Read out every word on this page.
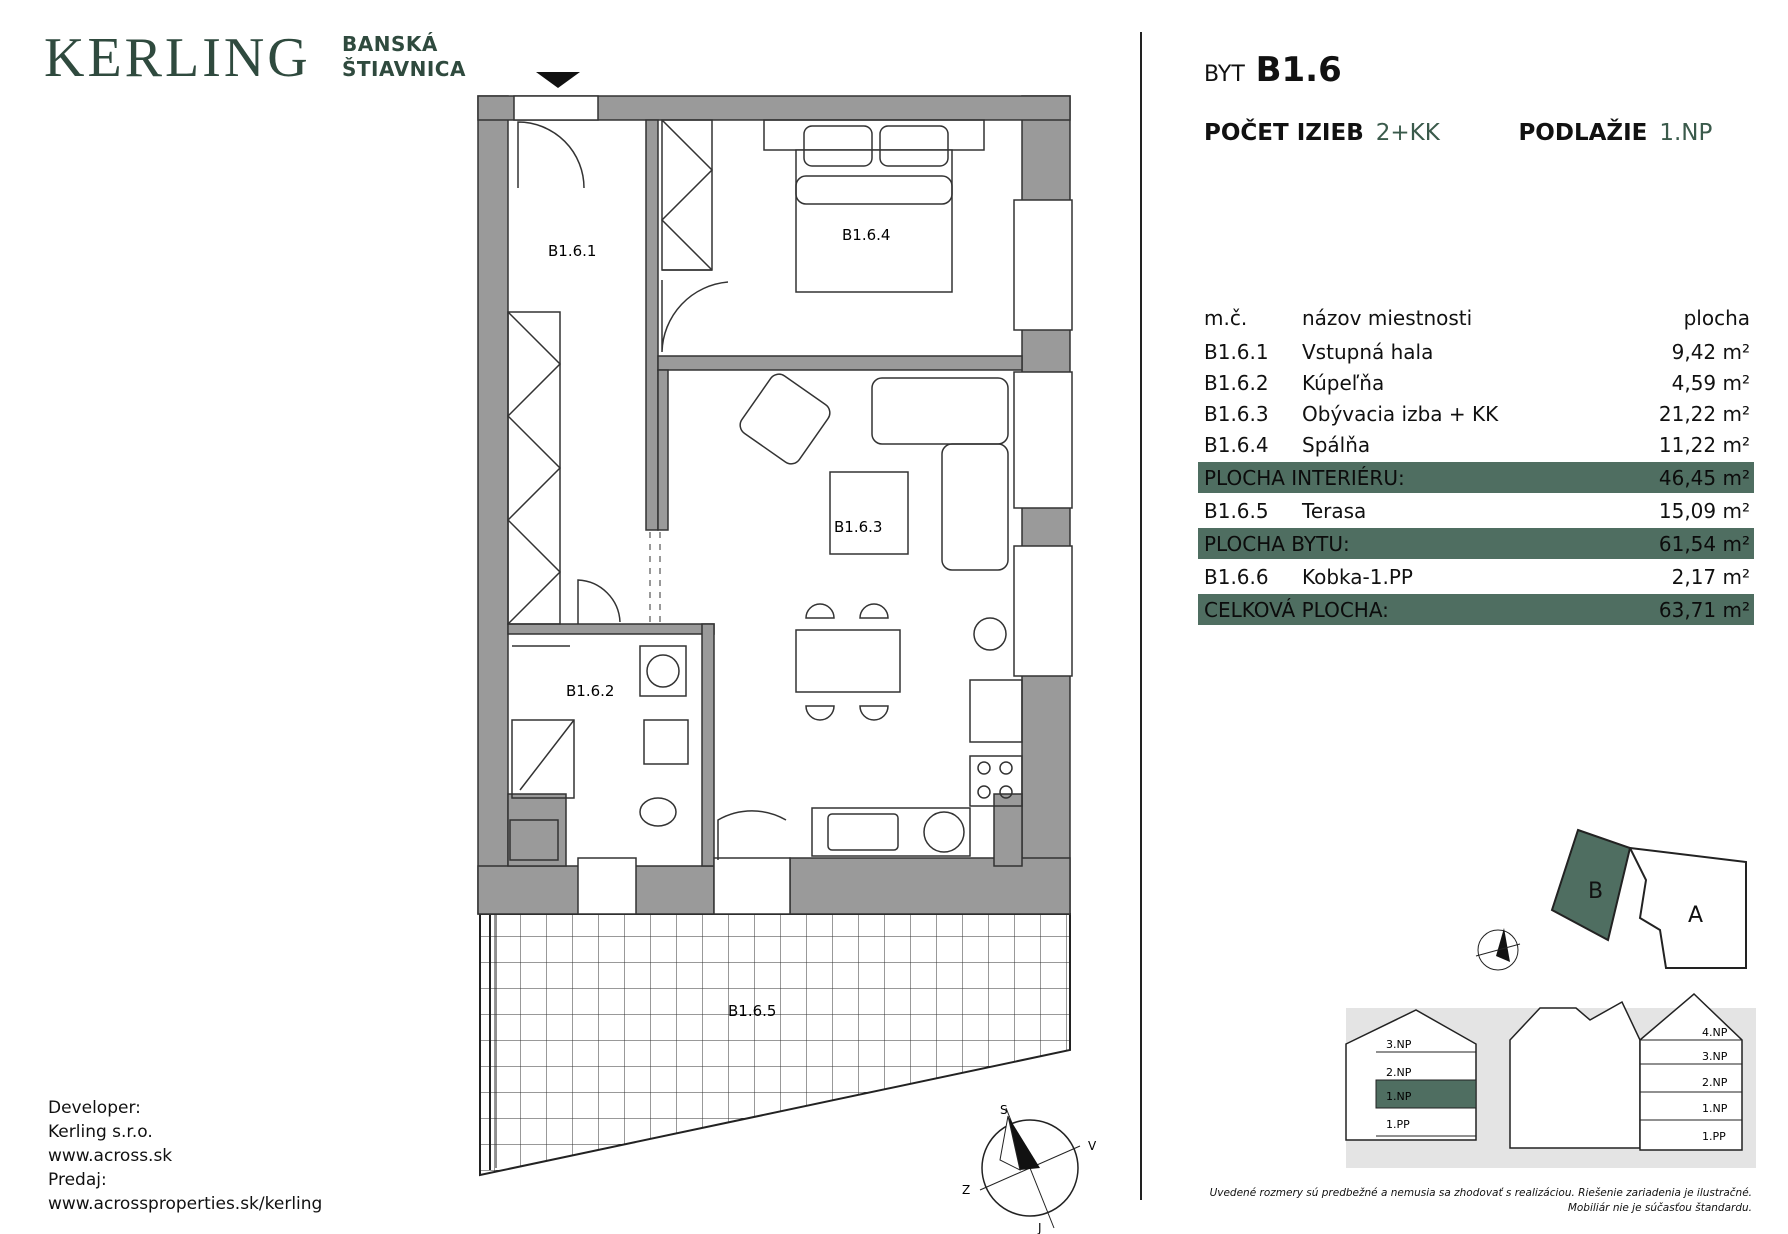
KERLING BANSKÁ
ŠTIAVNICA	BYT B1.6
POČET IZIEB 2+KK	PODLAŽIE 1.NP
m.č.	názov miestnosti	plocha
B1.6.1 Vstupná hala	9,42 m²
B1.6.2 Kúpeľňa	4,59 m²
B1.6.3 Obývacia izba + KK	21,22 m²
B1.6.4 Spálňa	11,22 m²
PLOCHA INTERIÉRU:	46,45 m²
B1.6.5 Terasa	15,09 m²
PLOCHA BYTU:	61,54 m²
B1.6.6 Kobka-1.PP	2,17 m²
CELKOVÁ PLOCHA:	63,71 m²
B1.6.1
B1.6.4
B1.6.3
B1.6.2
B1.6.5
S
V
Z
J
B
A
3.NP
2.NP
1.NP
1.PP
4.NP
3.NP
2.NP
1.NP
1.PP
Developer:
Kerling s.r.o.
www.across.sk
Predaj:
www.acrossproperties.sk/kerling
Uvedené rozmery sú predbežné a nemusia sa zhodovať s realizáciou. Riešenie zariadenia je ilustračné.
Mobiliár nie je súčasťou štandardu.
